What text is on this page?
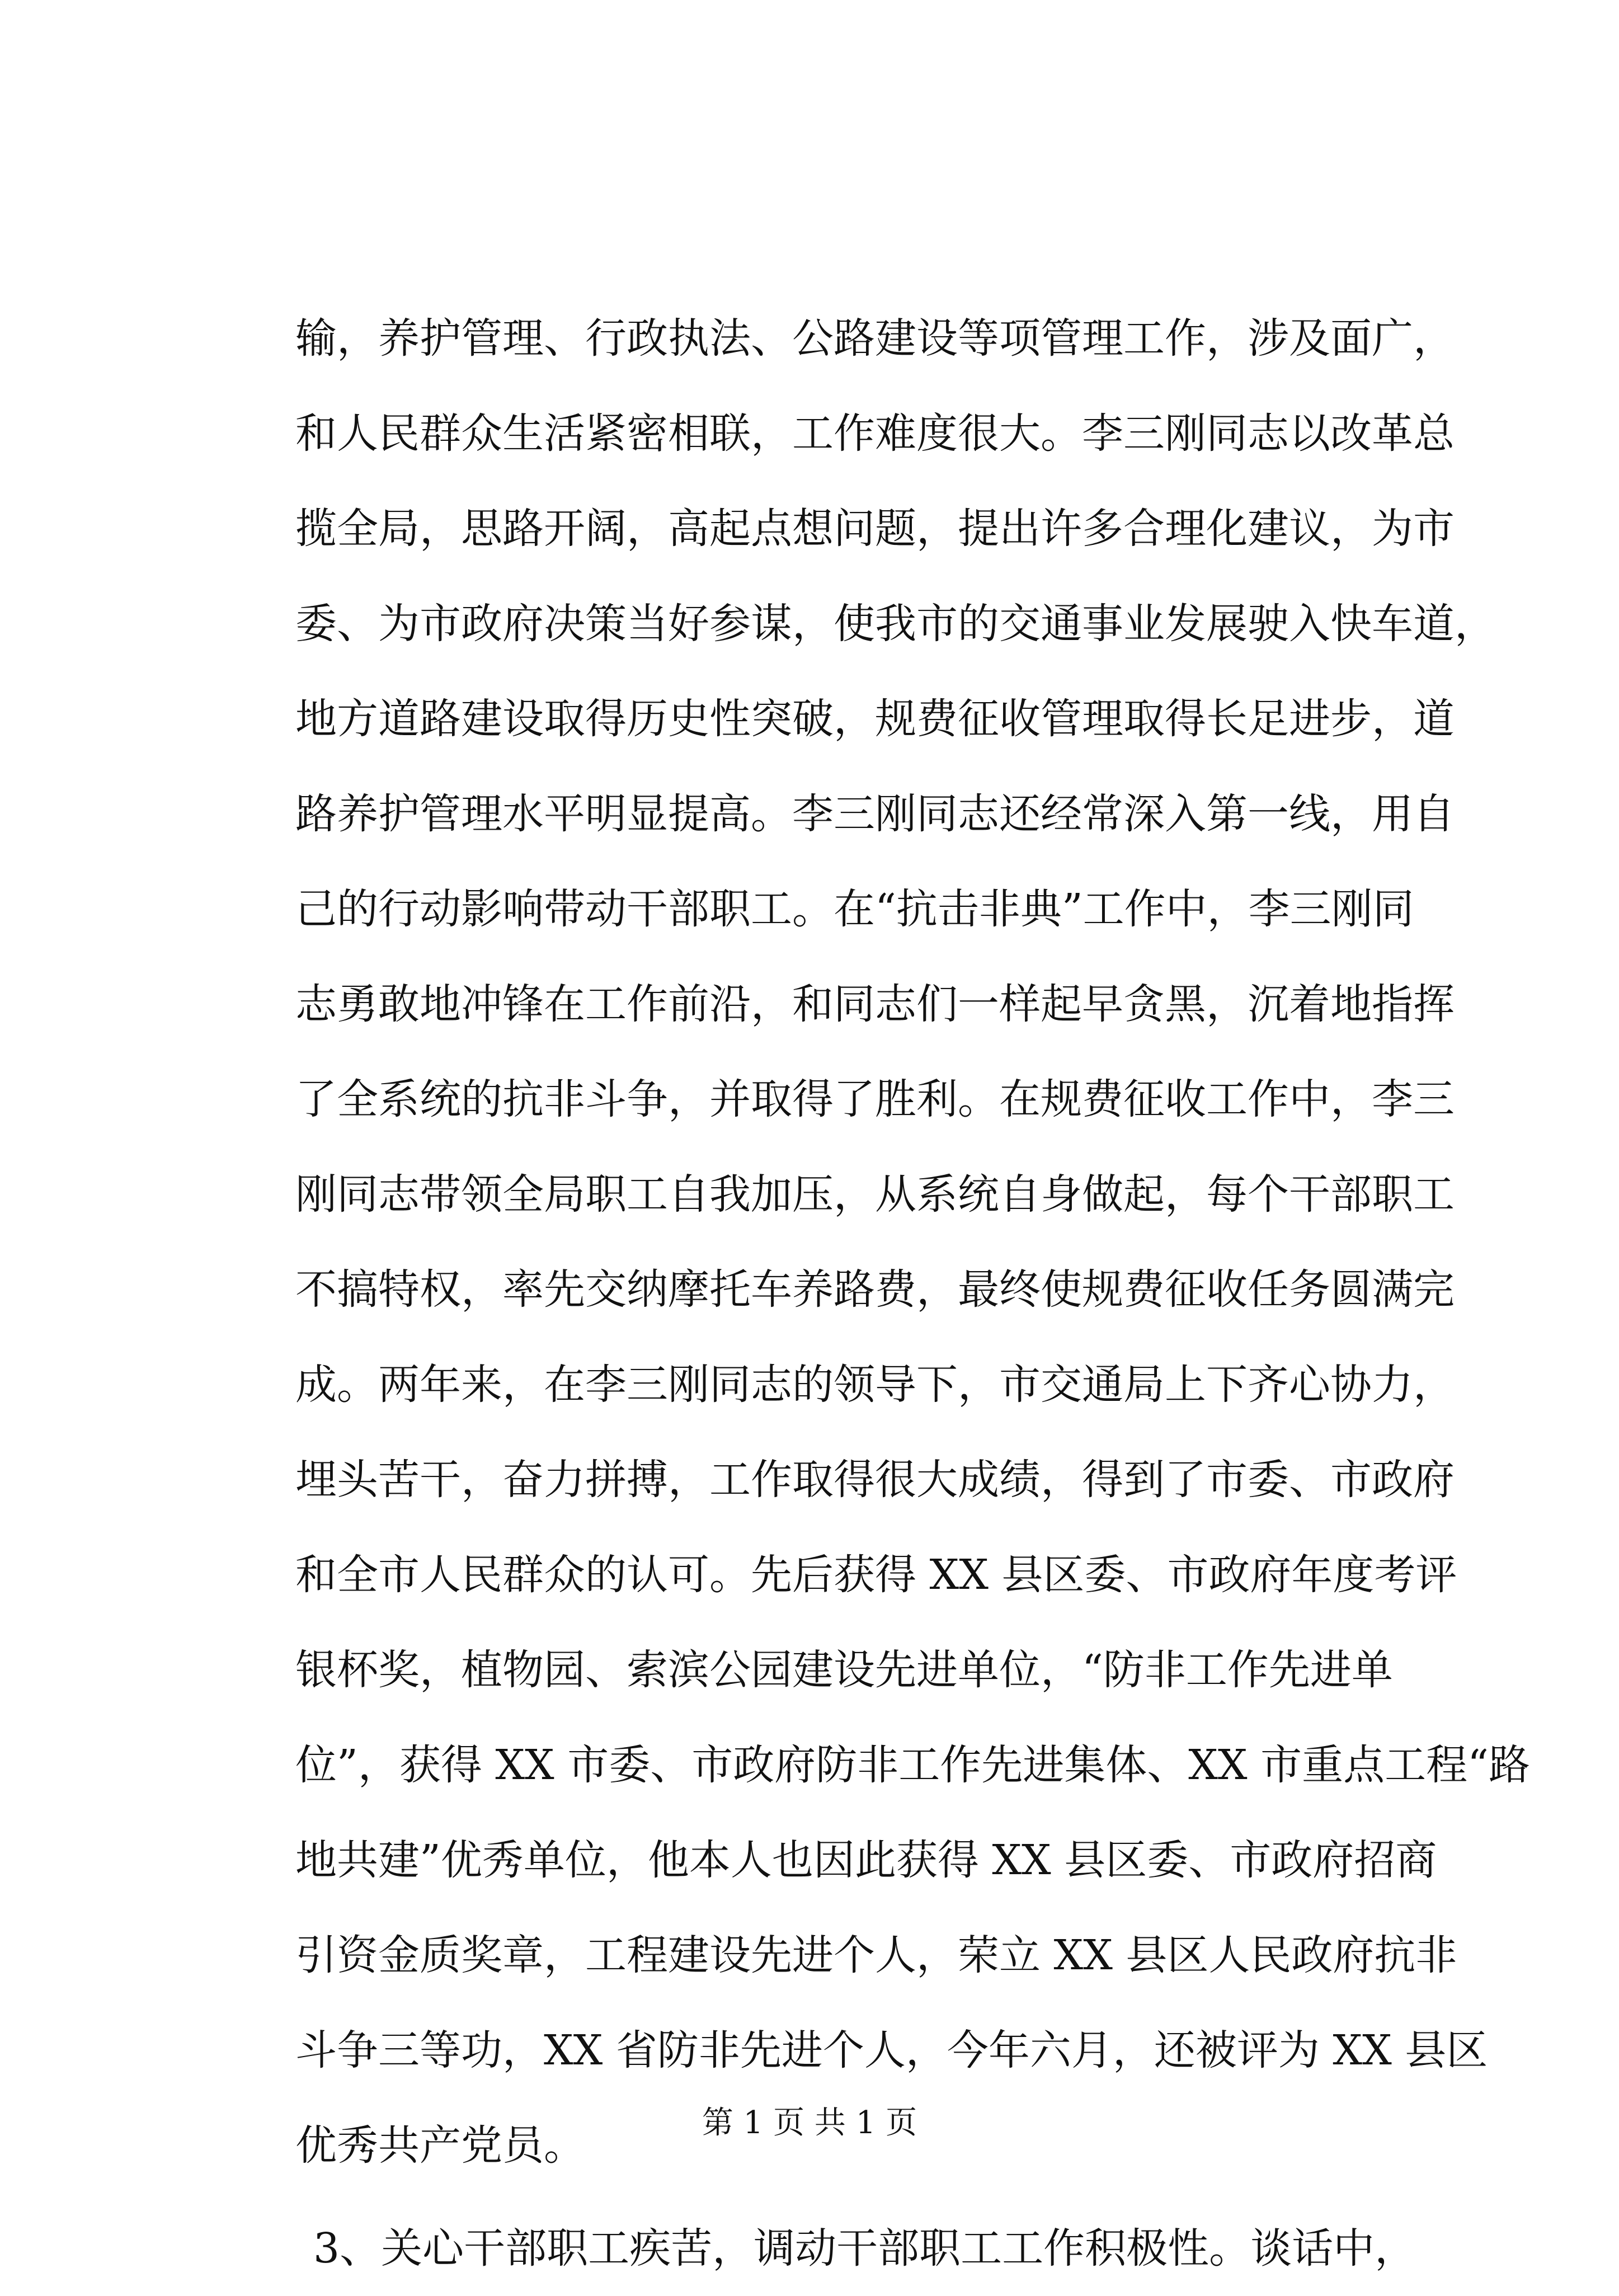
输，养护管理、行政执法、公路建设等项管理工作，涉及面广，
和人民群众生活紧密相联，工作难度很大。李三刚同志以改革总
揽全局，思路开阔，高起点想问题，提出许多合理化建议，为市
委、为市政府决策当好参谋，使我市的交通事业发展驶入快车道，
地方道路建设取得历史性突破，规费征收管理取得长足进步，道
路养护管理水平明显提高。李三刚同志还经常深入第一线，用自
己的行动影响带动干部职工。在“抗击非典”工作中，李三刚同
志勇敢地冲锋在工作前沿，和同志们一样起早贪黑，沉着地指挥
了全系统的抗非斗争，并取得了胜利。在规费征收工作中，李三
刚同志带领全局职工自我加压，从系统自身做起，每个干部职工
不搞特权，率先交纳摩托车养路费，最终使规费征收任务圆满完
成。两年来，在李三刚同志的领导下，市交通局上下齐心协力，
埋头苦干，奋力拼搏，工作取得很大成绩，得到了市委、市政府
和全市人民群众的认可。先后获得 XX 县区委、市政府年度考评
银杯奖，植物园、索滨公园建设先进单位，“防非工作先进单
位”，获得 XX 市委、市政府防非工作先进集体、XX 市重点工程“路
地共建”优秀单位，他本人也因此获得 XX 县区委、市政府招商
引资金质奖章，工程建设先进个人，荣立 XX 县区人民政府抗非
斗争三等功，XX 省防非先进个人，今年六月，还被评为 XX 县区
优秀共产党员。
3、关心干部职工疾苦，调动干部职工工作积极性。谈话中，
第 1 页 共 1 页
